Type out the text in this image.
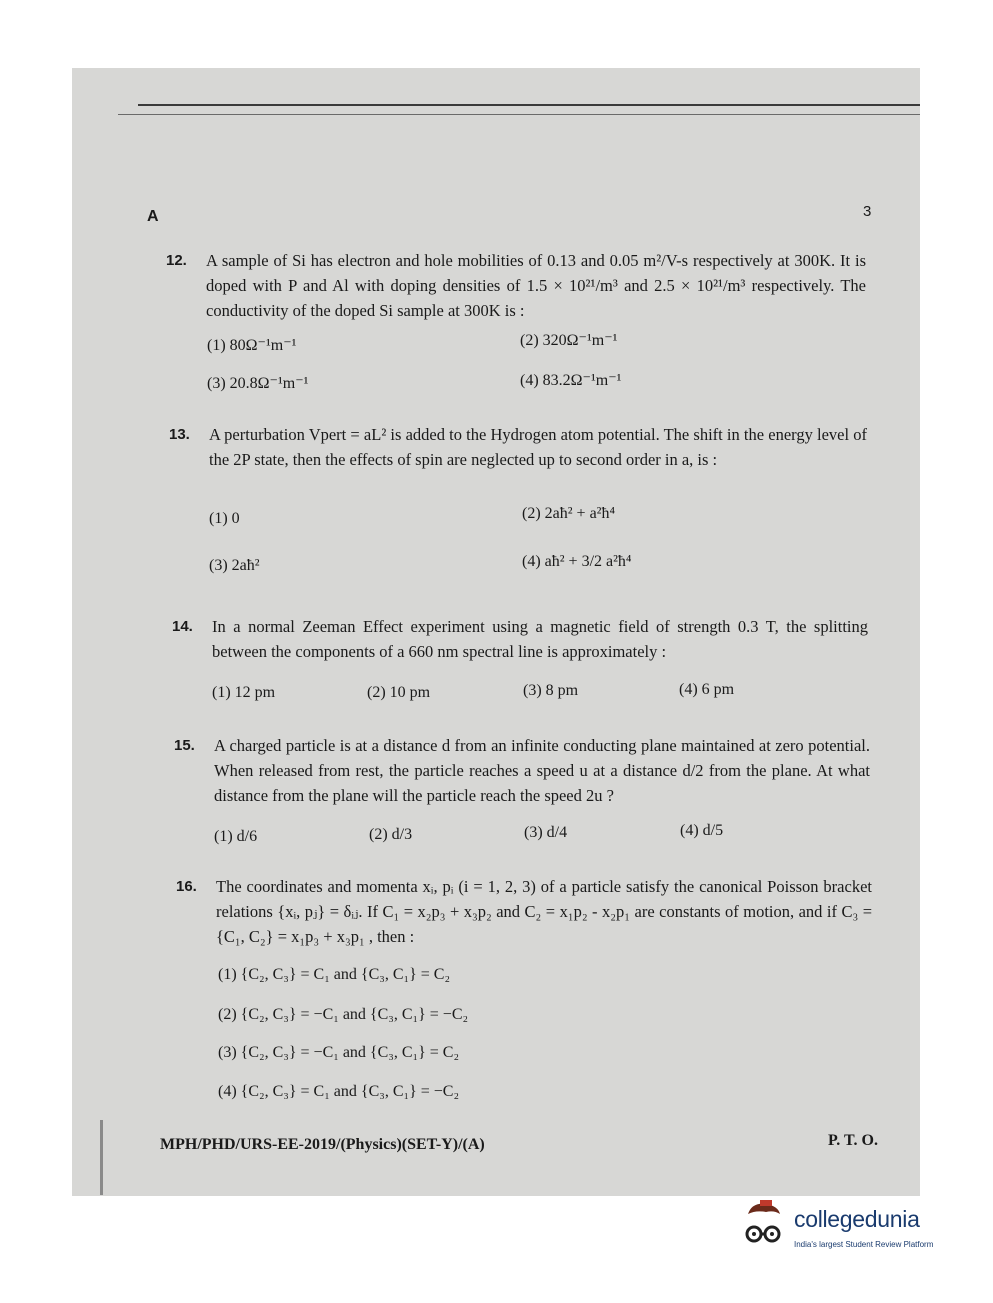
A	3
12. A sample of Si has electron and hole mobilities of 0.13 and 0.05 m²/V-s respectively at 300K. It is doped with P and Al with doping densities of 1.5 × 10²¹/m³ and 2.5 × 10²¹/m³ respectively. The conductivity of the doped Si sample at 300K is :
(1) 80Ω⁻¹m⁻¹	(2) 320Ω⁻¹m⁻¹
(3) 20.8Ω⁻¹m⁻¹	(4) 83.2Ω⁻¹m⁻¹
13. A perturbation Vpert = aL² is added to the Hydrogen atom potential. The shift in the energy level of the 2P state, then the effects of spin are neglected up to second order in a, is :
(1) 0	(2) 2aħ² + a²ħ⁴
(3) 2aħ²	(4) aħ² + 3/2 a²ħ⁴
14. In a normal Zeeman Effect experiment using a magnetic field of strength 0.3 T, the splitting between the components of a 660 nm spectral line is approximately :
(1) 12 pm	(2) 10 pm	(3) 8 pm	(4) 6 pm
15. A charged particle is at a distance d from an infinite conducting plane maintained at zero potential. When released from rest, the particle reaches a speed u at a distance d/2 from the plane. At what distance from the plane will the particle reach the speed 2u ?
(1) d/6	(2) d/3	(3) d/4	(4) d/5
16. The coordinates and momenta xᵢ, pᵢ (i = 1, 2, 3) of a particle satisfy the canonical Poisson bracket relations {xᵢ, pⱼ} = δᵢⱼ. If C₁ = x₂p₃ + x₃p₂ and C₂ = x₁p₂ - x₂p₁ are constants of motion, and if C₃ = {C₁, C₂} = x₁p₃ + x₃p₁ , then :
(1) {C₂, C₃} = C₁ and {C₃, C₁} = C₂
(2) {C₂, C₃} = −C₁ and {C₃, C₁} = −C₂
(3) {C₂, C₃} = −C₁ and {C₃, C₁} = C₂
(4) {C₂, C₃} = C₁ and {C₃, C₁} = −C₂
MPH/PHD/URS-EE-2019/(Physics)(SET-Y)/(A)	P. T. O.
collegedunia
India's largest Student Review Platform
